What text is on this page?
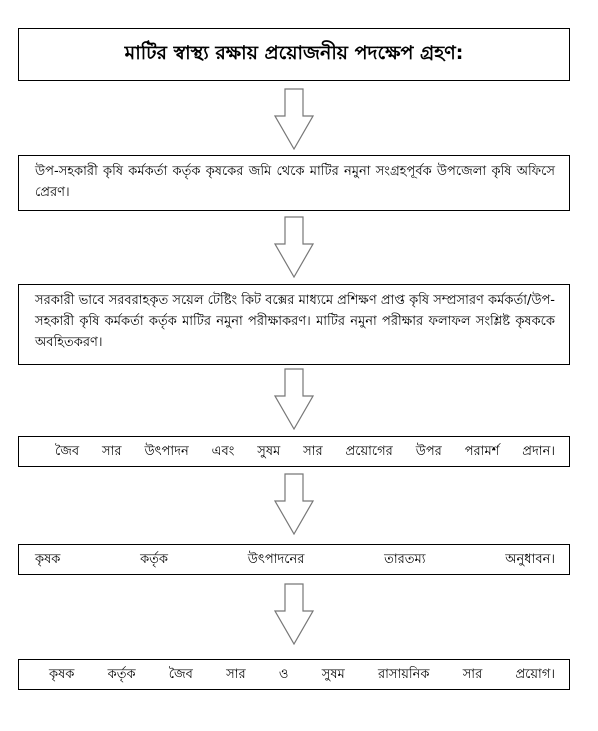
মাটির স্বাস্থ্য রক্ষায় প্রয়োজনীয় পদক্ষেপ গ্রহণ:
উপ-সহকারী কৃষি কর্মকর্তা কর্তৃক কৃষকের জমি থেকে মাটির নমুনা সংগ্রহপূর্বক উপজেলা কৃষি অফিসে প্রেরণ।
সরকারী ভাবে সরবরাহকৃত সয়েল টেষ্টিং কিট বক্সের মাধ্যমে প্রশিক্ষণ প্রাপ্ত কৃষি সম্প্রসারণ কর্মকর্তা/উপ-সহকারী কৃষি কর্মকর্তা কর্তৃক মাটির নমুনা পরীক্ষাকরণ। মাটির নমুনা পরীক্ষার ফলাফল সংশ্লিষ্ট কৃষককে অবহিতকরণ।
জৈব সার উৎপাদন এবং সুষম সার প্রয়োগের উপর পরামর্শ প্রদান।
কৃষক কর্তৃক উৎপাদনের তারতম্য অনুধাবন।
কৃষক কর্তৃক জৈব সার ও সুষম রাসায়নিক সার প্রয়োগ।
